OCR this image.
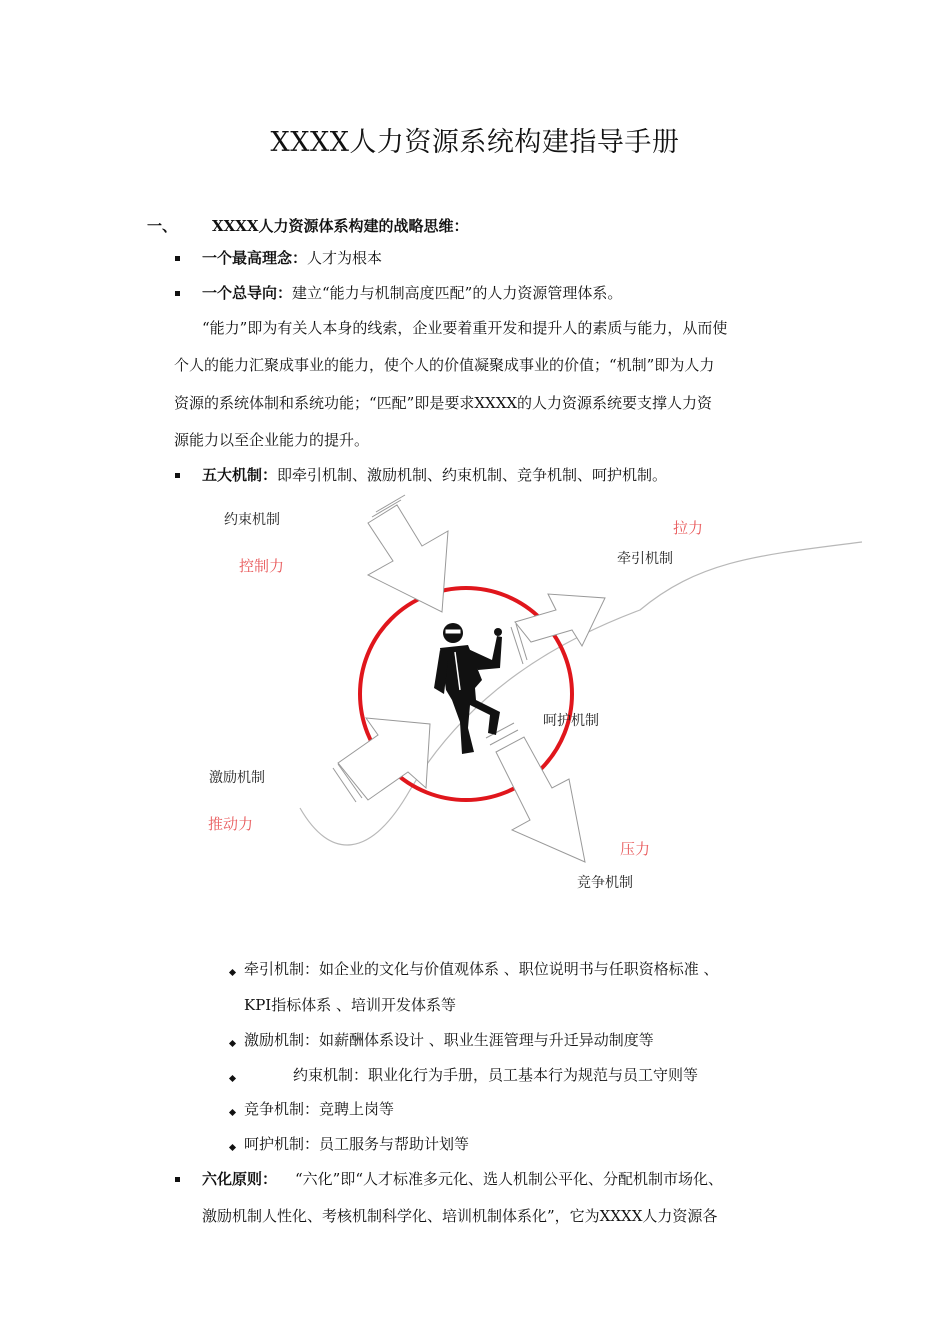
XXXX人力资源系统构建指导手册
一、 XXXX人力资源体系构建的战略思维：
一个最高理念：人才为根本
一个总导向：建立“能力与机制高度匹配”的人力资源管理体系。
“能力”即为有关人本身的线索，企业要着重开发和提升人的素质与能力，从而使
个人的能力汇聚成事业的能力，使个人的价值凝聚成事业的价值；“机制”即为人力
资源的系统体制和系统功能；“匹配”即是要求XXXX的人力资源系统要支撑人力资
源能力以至企业能力的提升。
五大机制：即牵引机制、激励机制、约束机制、竞争机制、呵护机制。
约束机制	拉力
牵引机制
控制力
呵护机制
激励机制
推动力
压力
竞争机制
牵引机制：如企业的文化与价值观体系 、职位说明书与任职资格标准 、
KPI指标体系 、培训开发体系等
激励机制：如薪酬体系设计 、职业生涯管理与升迁异动制度等
约束机制：职业化行为手册，员工基本行为规范与员工守则等
竞争机制：竞聘上岗等
呵护机制：员工服务与帮助计划等
六化原则： “六化”即“人才标准多元化、选人机制公平化、分配机制市场化、
激励机制人性化、考核机制科学化、培训机制体系化”，它为XXXX人力资源各
